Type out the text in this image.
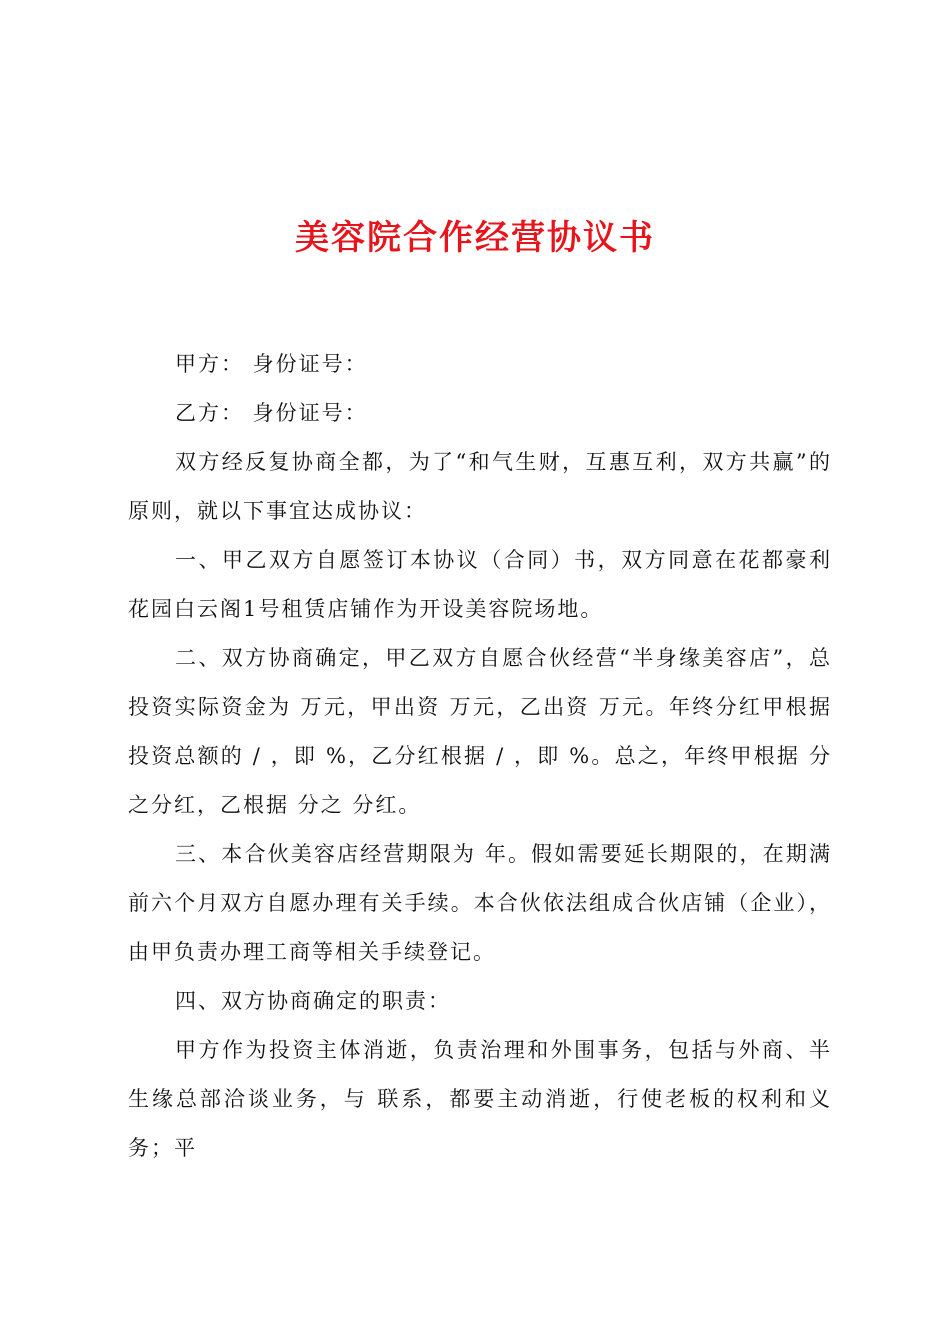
美容院合作经营协议书

甲方： 身份证号：

乙方： 身份证号：

双方经反复协商全都，为了“和气生财，互惠互利，双方共赢”的原则，就以下事宜达成协议：

一、甲乙双方自愿签订本协议（合同）书，双方同意在花都豪利花园白云阁1号租赁店铺作为开设美容院场地。

二、双方协商确定，甲乙双方自愿合伙经营“半身缘美容店”，总投资实际资金为 万元，甲出资 万元，乙出资 万元。年终分红甲根据投资总额的 / ，即 %，乙分红根据 / ，即 %。总之，年终甲根据 分之分红，乙根据 分之 分红。

三、本合伙美容店经营期限为 年。假如需要延长期限的，在期满前六个月双方自愿办理有关手续。本合伙依法组成合伙店铺（企业），由甲负责办理工商等相关手续登记。

四、双方协商确定的职责：

甲方作为投资主体消逝，负责治理和外围事务，包括与外商、半生缘总部洽谈业务，与 联系，都要主动消逝，行使老板的权利和义务；平
